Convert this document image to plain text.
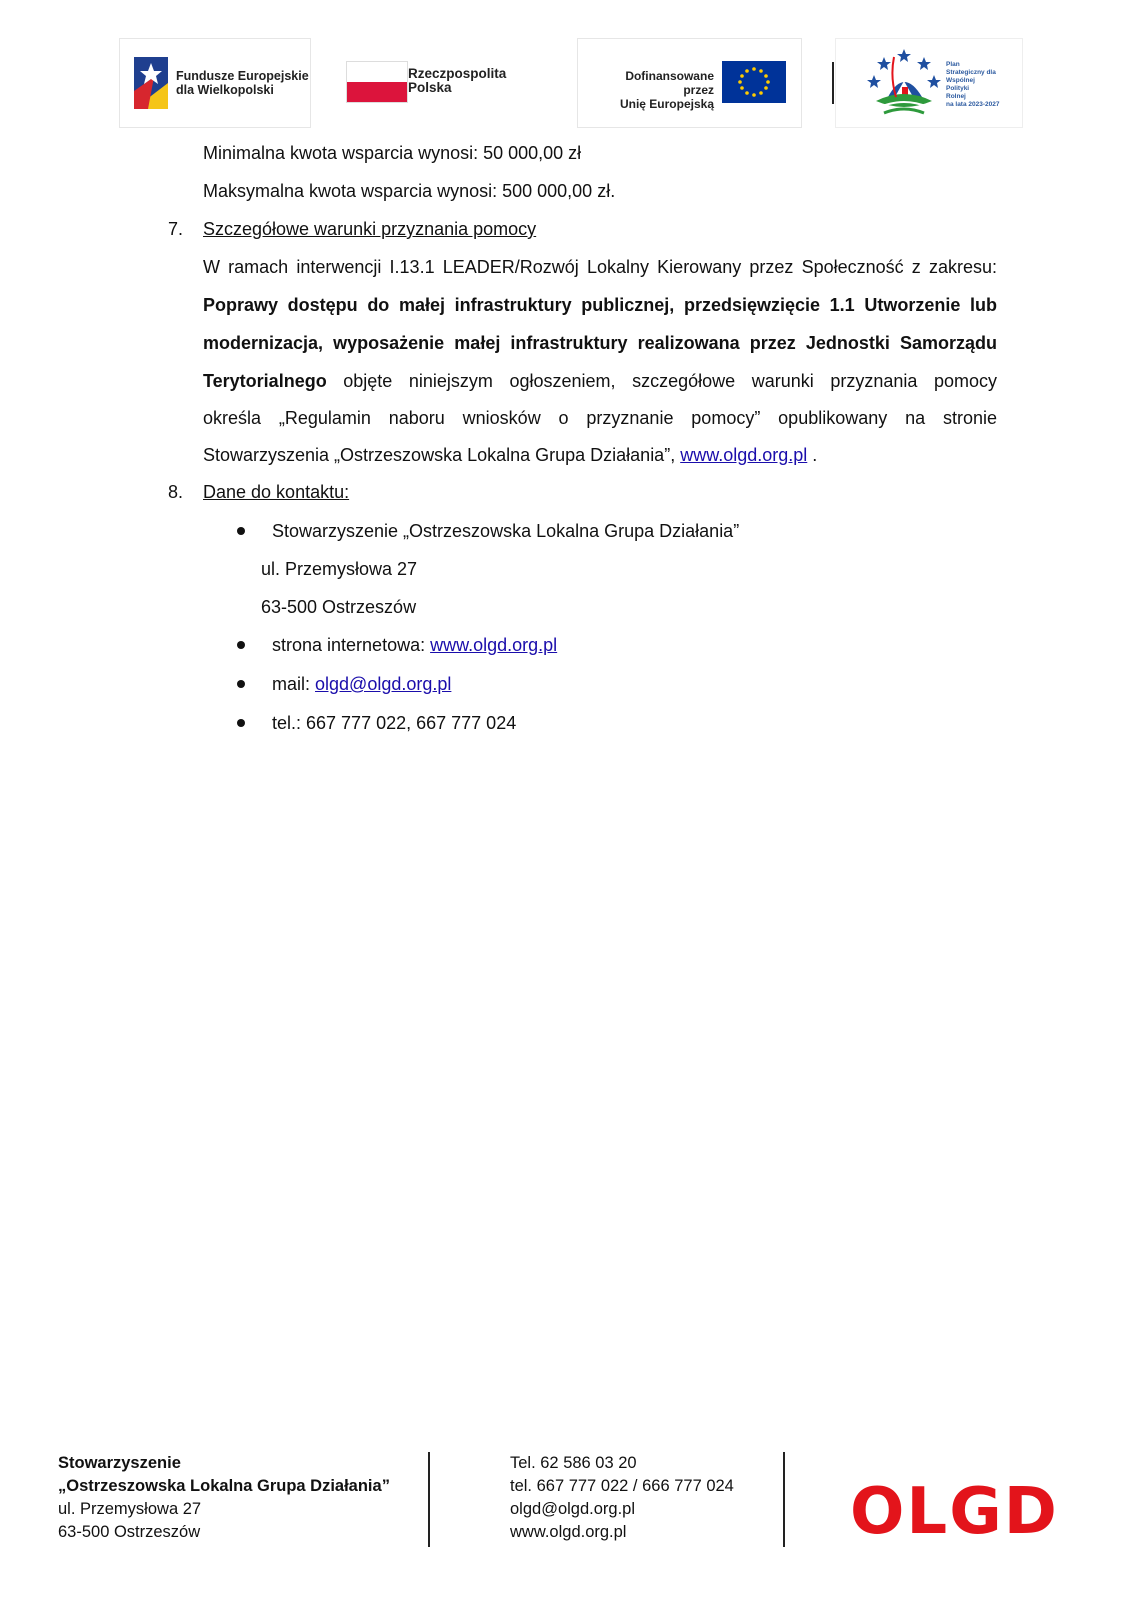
Fundusze Europejskie
dla Wielkopolski
Rzeczpospolita
Polska
Dofinansowane przez
Unię Europejską
Plan
Strategiczny dla
Wspólnej
Polityki
Rolnej
na lata 2023-2027
Minimalna kwota wsparcia wynosi: 50 000,00 zł
Maksymalna kwota wsparcia wynosi: 500 000,00 zł.
7. Szczegółowe warunki przyznania pomocy
W ramach interwencji I.13.1 LEADER/Rozwój Lokalny Kierowany przez Społeczność z zakresu:
Poprawy dostępu do małej infrastruktury publicznej, przedsięwzięcie 1.1 Utworzenie lub
modernizacja, wyposażenie małej infrastruktury realizowana przez Jednostki Samorządu
Terytorialnego objęte niniejszym ogłoszeniem, szczegółowe warunki przyznania pomocy
określa „Regulamin naboru wniosków o przyznanie pomocy” opublikowany na stronie
Stowarzyszenia „Ostrzeszowska Lokalna Grupa Działania”, www.olgd.org.pl .
8. Dane do kontaktu:
Stowarzyszenie „Ostrzeszowska Lokalna Grupa Działania”
ul. Przemysłowa 27
63-500 Ostrzeszów
strona internetowa: www.olgd.org.pl
mail: olgd@olgd.org.pl
tel.: 667 777 022, 667 777 024
Stowarzyszenie
„Ostrzeszowska Lokalna Grupa Działania”
ul. Przemysłowa 27
63-500 Ostrzeszów
Tel. 62 586 03 20
tel. 667 777 022 / 666 777 024
olgd@olgd.org.pl
www.olgd.org.pl	OLGD
